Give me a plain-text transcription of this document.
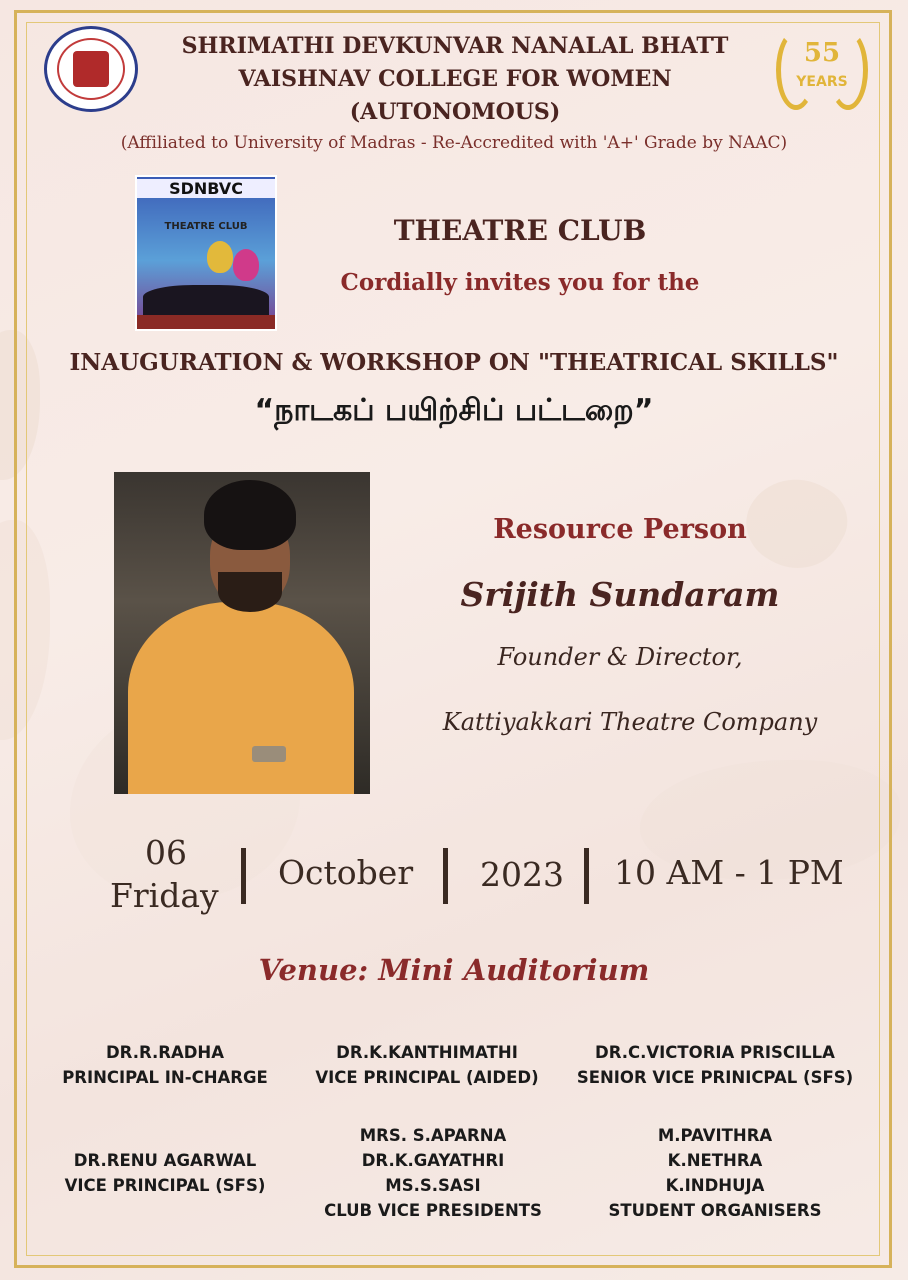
55
YEARS
SHRIMATHI DEVKUNVAR NANALAL BHATT
VAISHNAV COLLEGE FOR WOMEN
(AUTONOMOUS)
(Affiliated to University of Madras - Re-Accredited with 'A+' Grade by NAAC)
SDNBVC
THEATRE CLUB	THEATRE CLUB
Cordially invites you for the
INAUGURATION & WORKSHOP ON "THEATRICAL SKILLS"
“நாடகப் பயிற்சிப் பட்டறை”
Resource Person
Srijith Sundaram
Founder & Director,
Kattiyakkari Theatre Company
06
Friday
October 2023 10 AM - 1 PM
Venue: Mini Auditorium
DR.R.RADHA
PRINCIPAL IN-CHARGE
DR.K.KANTHIMATHI
VICE PRINCIPAL (AIDED)
DR.C.VICTORIA PRISCILLA
SENIOR VICE PRINICPAL (SFS)
DR.RENU AGARWAL
VICE PRINCIPAL (SFS)
MRS. S.APARNA
DR.K.GAYATHRI
MS.S.SASI
CLUB VICE PRESIDENTS
M.PAVITHRA
K.NETHRA
K.INDHUJA
STUDENT ORGANISERS
